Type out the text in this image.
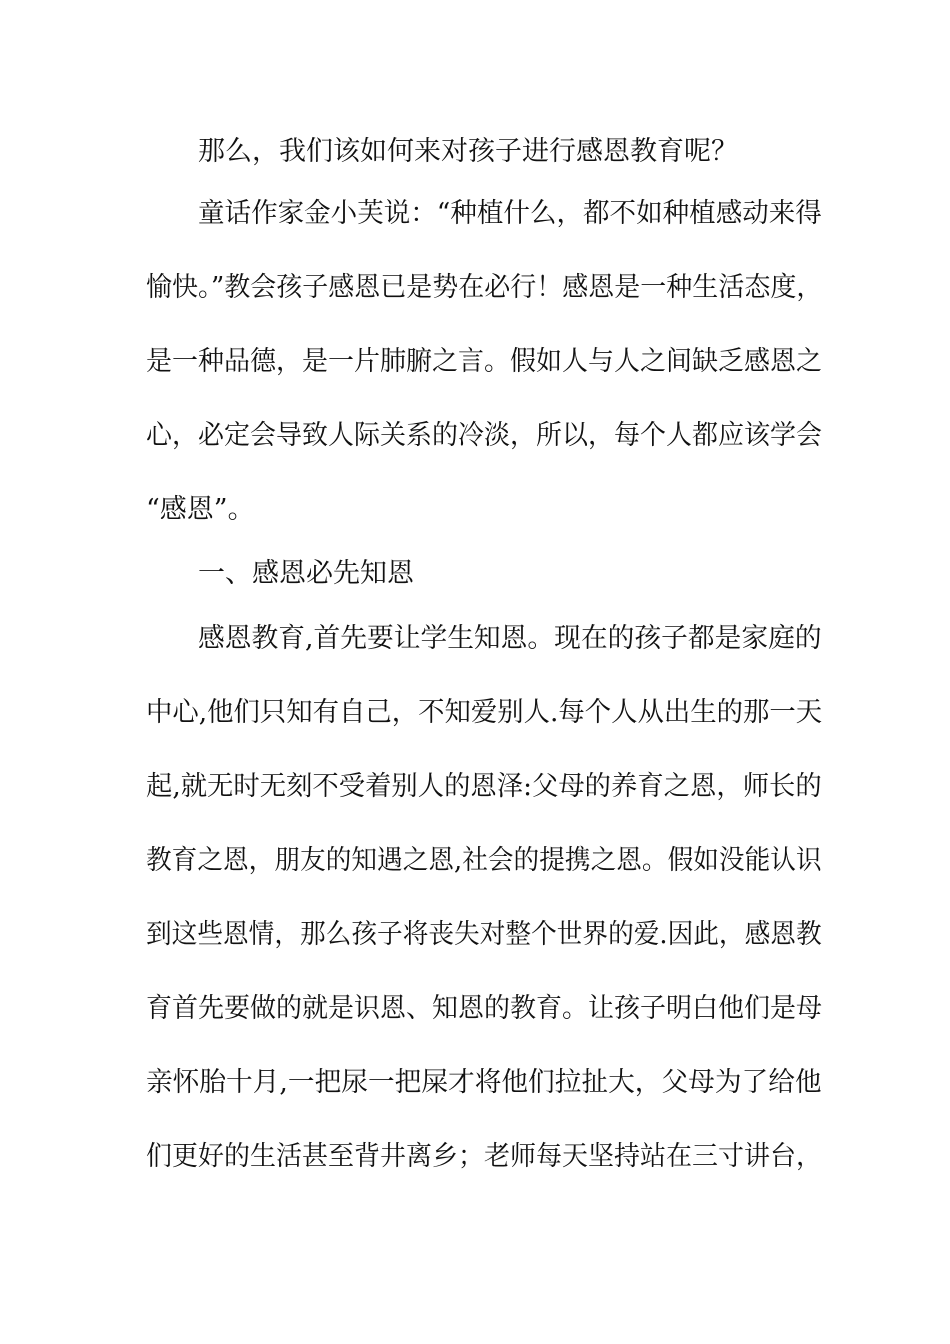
那么，我们该如何来对孩子进行感恩教育呢？
童话作家金小芙说：“种植什么，都不如种植感动来得
愉快。”教会孩子感恩已是势在必行！感恩是一种生活态度，
是一种品德，是一片肺腑之言。假如人与人之间缺乏感恩之
心，必定会导致人际关系的冷淡，所以，每个人都应该学会
“感恩”。
一、感恩必先知恩
感恩教育,首先要让学生知恩。现在的孩子都是家庭的
中心,他们只知有自己，不知爱别人.每个人从出生的那一天
起,就无时无刻不受着别人的恩泽:父母的养育之恩，师长的
教育之恩，朋友的知遇之恩,社会的提携之恩。假如没能认识
到这些恩情，那么孩子将丧失对整个世界的爱.因此，感恩教
育首先要做的就是识恩、知恩的教育。让孩子明白他们是母
亲怀胎十月,一把尿一把屎才将他们拉扯大，父母为了给他
们更好的生活甚至背井离乡；老师每天坚持站在三寸讲台，
